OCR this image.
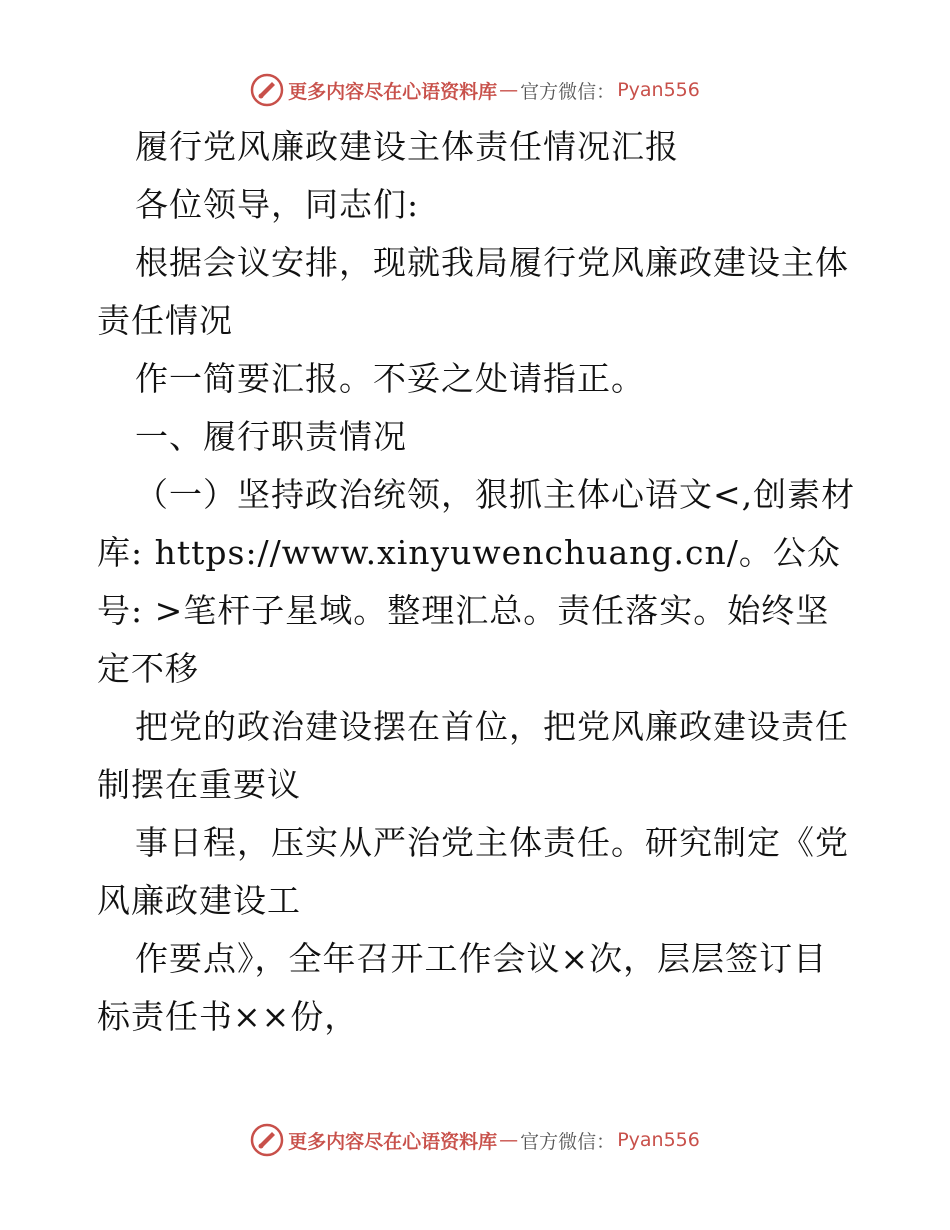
更多内容尽在心语资料库 — 官方微信： Pyan556

履行党风廉政建设主体责任情况汇报

各位领导，同志们:

根据会议安排，现就我局履行党风廉政建设主体责任情况

作一简要汇报。不妥之处请指正。

一、履行职责情况

（一）坚持政治统领，狠抓主体心语文<,创素材库: https://www.xinyuwenchuang.cn/。公众号: >笔杆子星域。整理汇总。责任落实。始终坚定不移

把党的政治建设摆在首位，把党风廉政建设责任制摆在重要议

事日程，压实从严治党主体责任。研究制定《党风廉政建设工

作要点》，全年召开工作会议×次，层层签订目标责任书××份，

更多内容尽在心语资料库 — 官方微信： Pyan556
